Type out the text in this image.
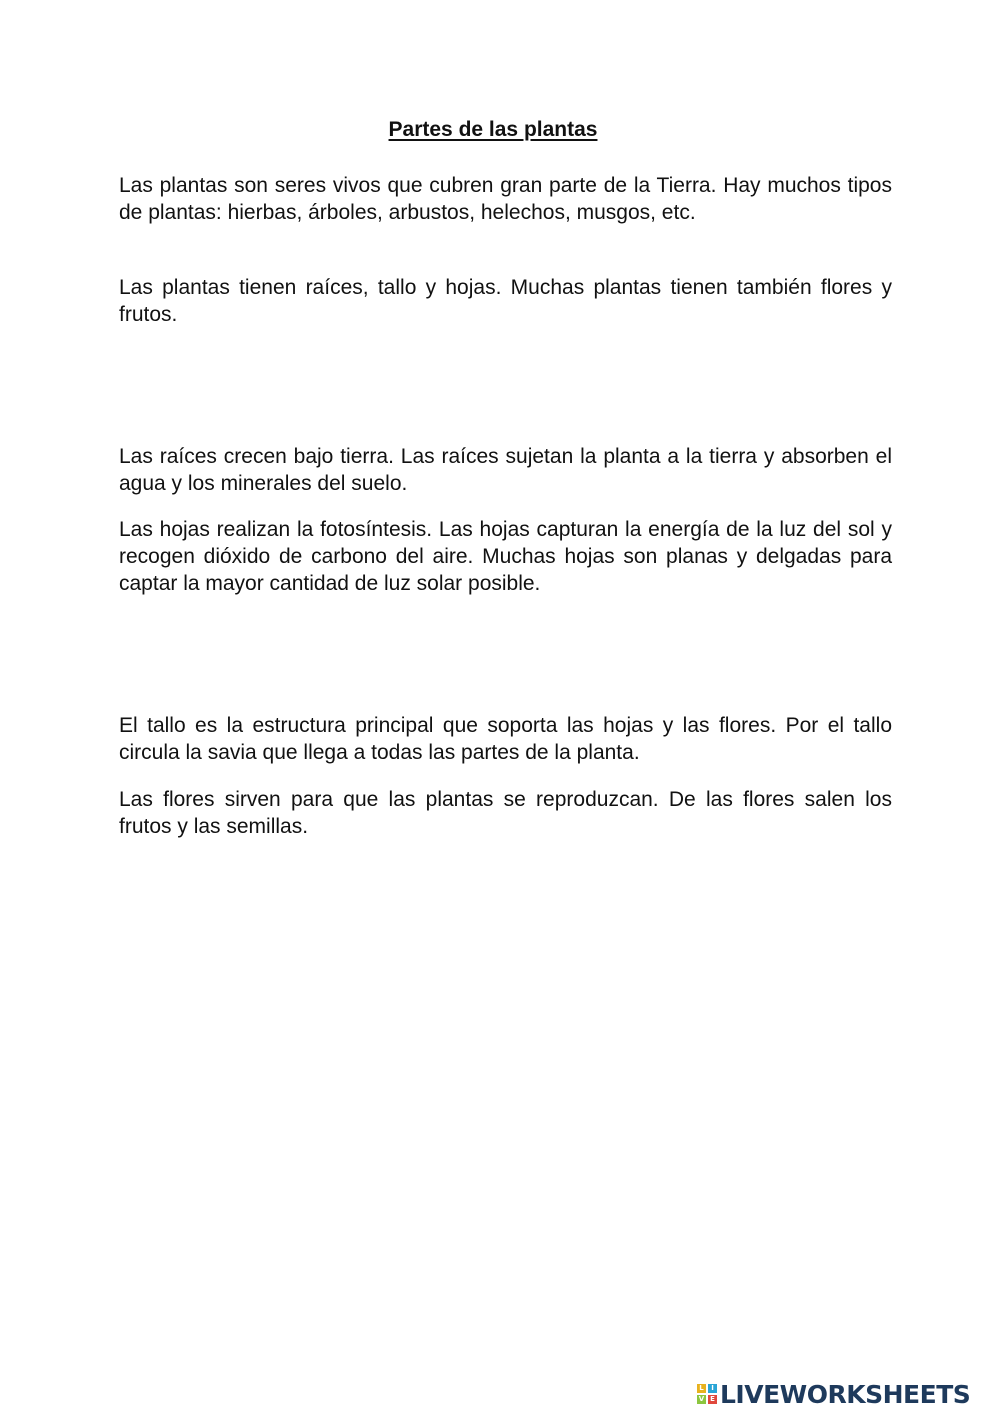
Partes de las plantas

Las plantas son seres vivos que cubren gran parte de la Tierra. Hay muchos tipos de plantas: hierbas, árboles, arbustos, helechos, musgos, etc.

Las plantas tienen raíces, tallo y hojas. Muchas plantas tienen también flores y frutos.

Las raíces crecen bajo tierra. Las raíces sujetan la planta a la tierra y absorben el agua y los minerales del suelo.

Las hojas realizan la fotosíntesis. Las hojas capturan la energía de la luz del sol y recogen dióxido de carbono del aire. Muchas hojas son planas y delgadas para captar la mayor cantidad de luz solar posible.

El tallo es la estructura principal que soporta las hojas y las flores. Por el tallo circula la savia que llega a todas las partes de la planta.

Las flores sirven para que las plantas se reproduzcan. De las flores salen los frutos y las semillas.

L	I
V E LIVEWORKSHEETS
